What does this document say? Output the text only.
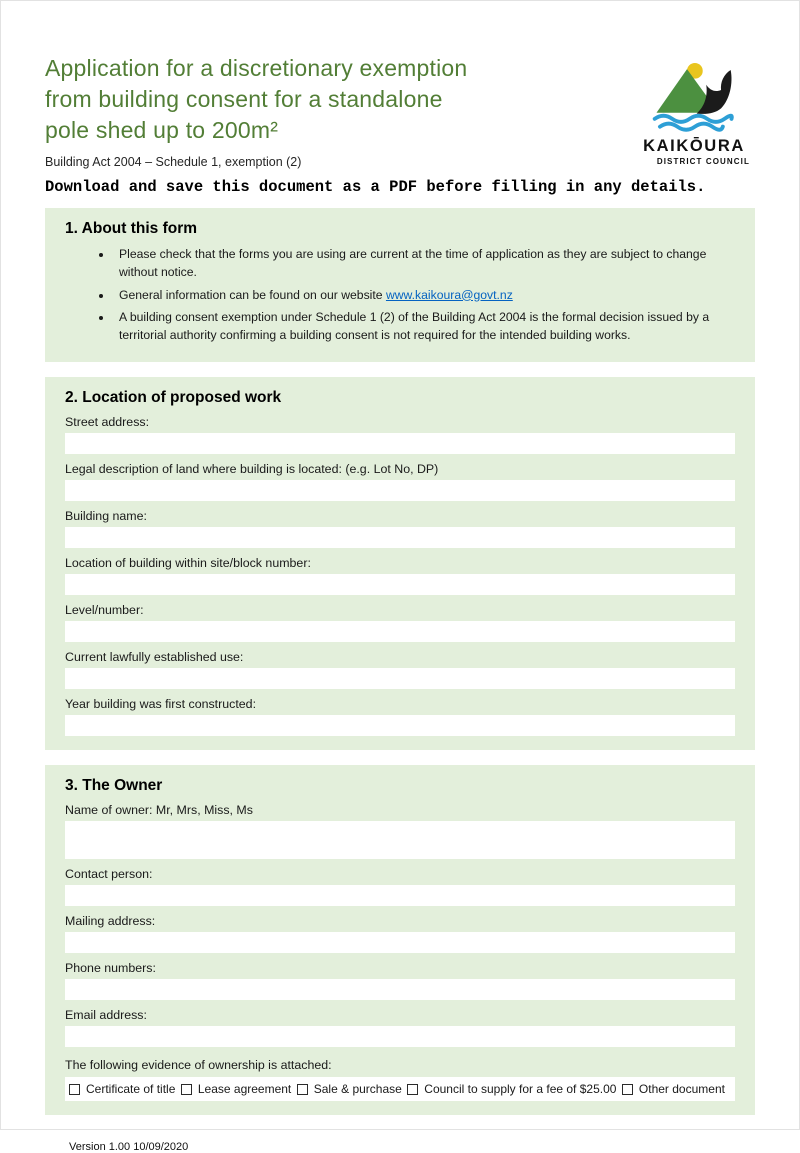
Application for a discretionary exemption
from building consent for a standalone
pole shed up to 200m²
Building Act 2004 – Schedule 1, exemption (2)
KAIKŌURA
DISTRICT COUNCIL
Download and save this document as a PDF before filling in any details.
1. About this form
• Please check that the forms you are using are current at the time of application as they are subject to change without notice.
• General information can be found on our website www.kaikoura@govt.nz
• A building consent exemption under Schedule 1 (2) of the Building Act 2004 is the formal decision issued by a territorial authority confirming a building consent is not required for the intended building works.
2. Location of proposed work
Street address:
Legal description of land where building is located: (e.g. Lot No, DP)
Building name:
Location of building within site/block number:
Level/number:
Current lawfully established use:
Year building was first constructed:
3. The Owner
Name of owner: Mr, Mrs, Miss, Ms
Contact person:
Mailing address:
Phone numbers:
Email address:
The following evidence of ownership is attached:
Certificate of title Lease agreement Sale & purchase Council to supply for a fee of $25.00 Other document
Version 1.00 10/09/2020
